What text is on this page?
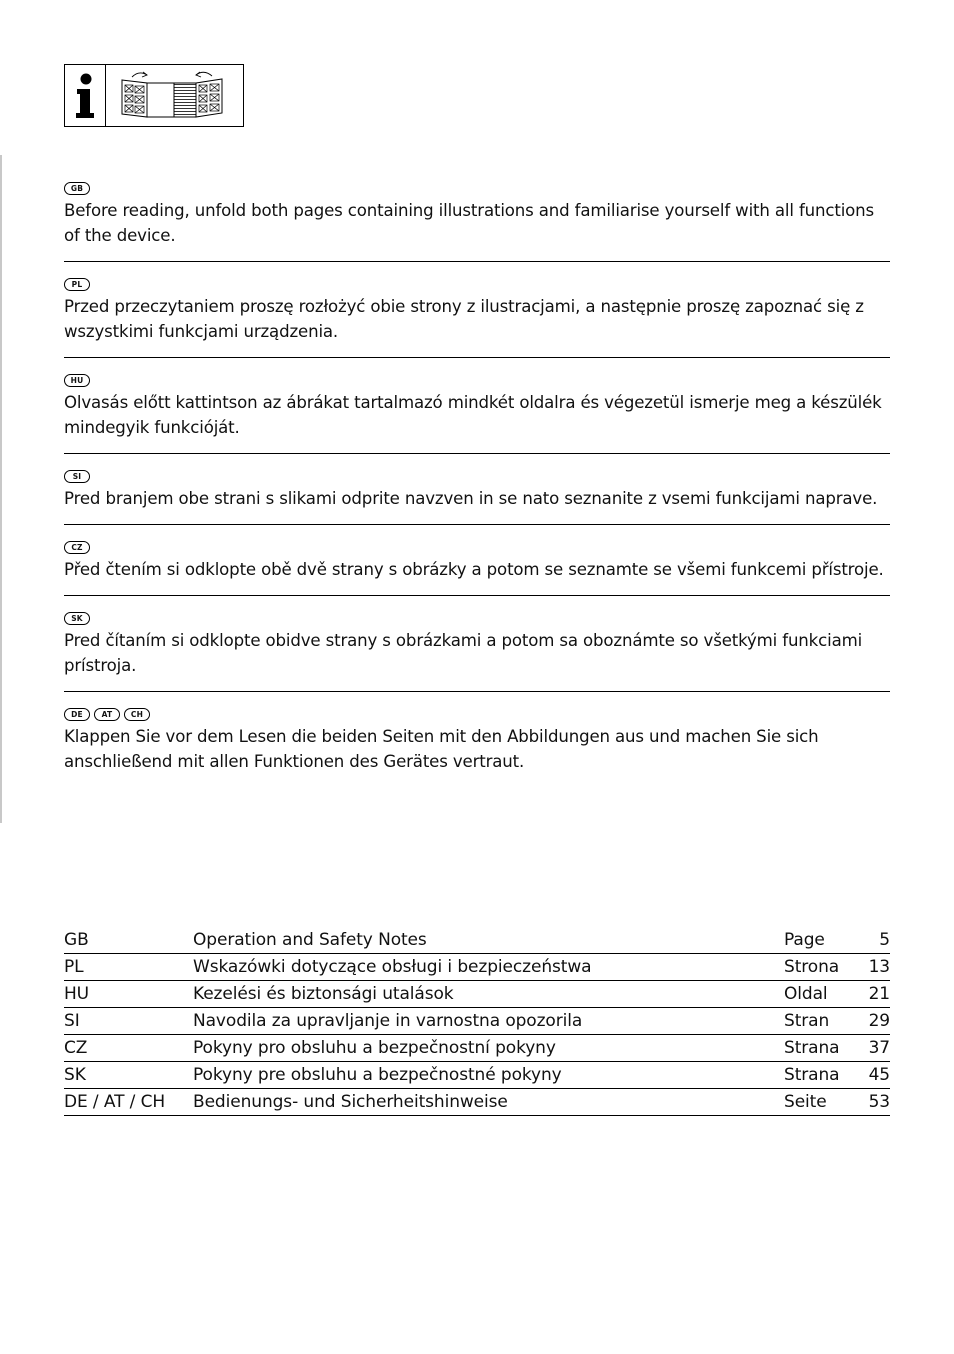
GB
Before reading, unfold both pages containing illustrations and familiarise yourself with all functions of the device.
PL
Przed przeczytaniem proszę rozłożyć obie strony z ilustracjami, a następnie proszę zapoznać się z wszystkimi funkcjami urządzenia.
HU
Olvasás előtt kattintson az ábrákat tartalmazó mindkét oldalra és végezetül ismerje meg a készülék mindegyik funkcióját.
SI
Pred branjem obe strani s slikami odprite navzven in se nato seznanite z vsemi funkcijami naprave.
CZ
Před čtením si odklopte obě dvě strany s obrázky a potom se seznamte se všemi funkcemi přístroje.
SK
Pred čítaním si odklopte obidve strany s obrázkami a potom sa oboznámte so všetkými funkciami prístroja.
DE	AT	CH
Klappen Sie vor dem Lesen die beiden Seiten mit den Abbildungen aus und machen Sie sich anschließend mit allen Funktionen des Gerätes vertraut.
GB	Operation and Safety Notes	Page	5
PL	Wskazówki dotyczące obsługi i bezpieczeństwa	Strona	13
HU	Kezelési és biztonsági utalások	Oldal	21
SI	Navodila za upravljanje in varnostna opozorila	Stran	29
CZ	Pokyny pro obsluhu a bezpečnostní pokyny	Strana	37
SK	Pokyny pre obsluhu a bezpečnostné pokyny	Strana	45
DE / AT / CH	Bedienungs- und Sicherheitshinweise	Seite	53
